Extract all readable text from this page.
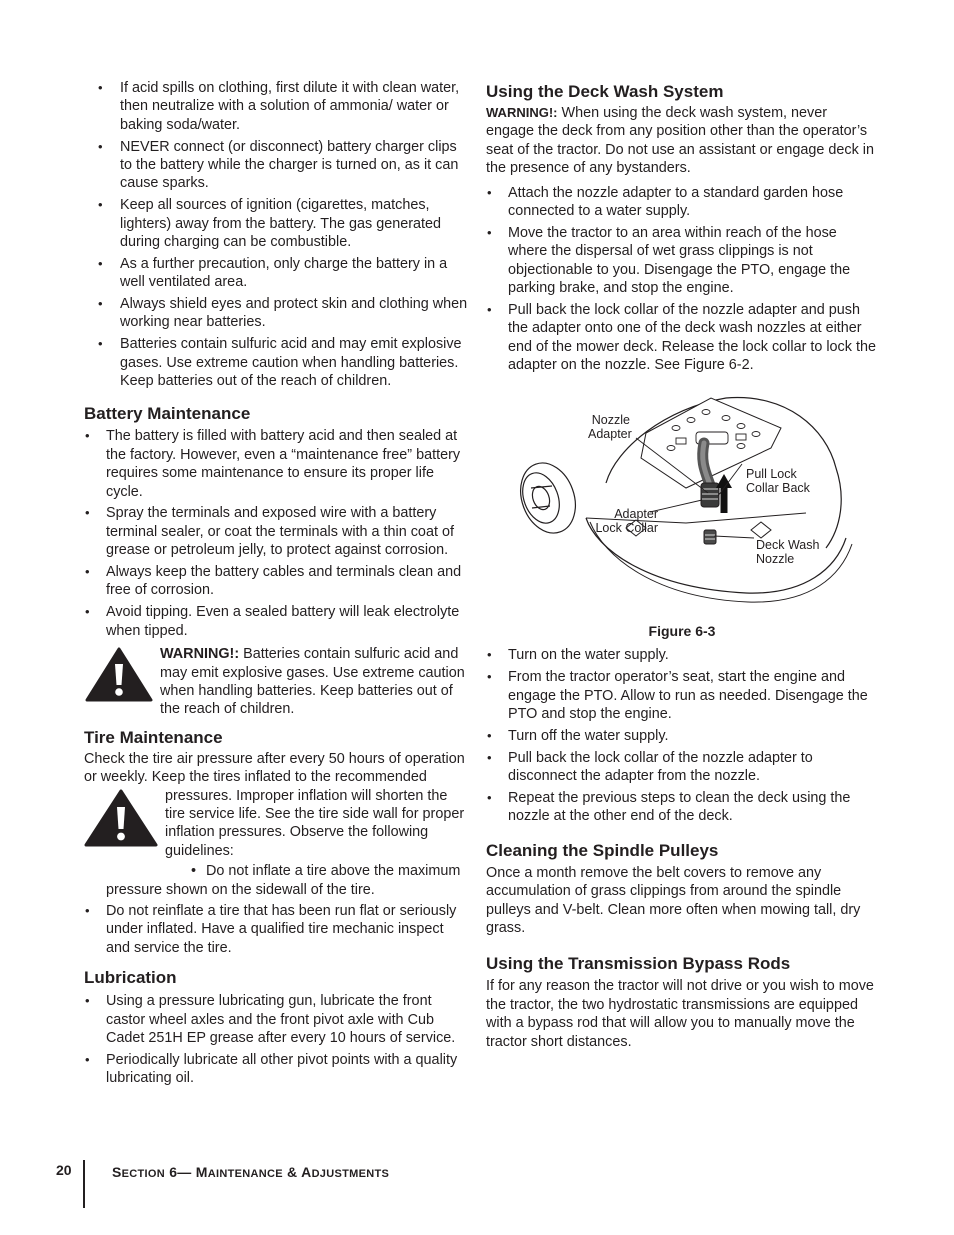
• If acid spills on clothing, first dilute it with clean water, then neutralize with a solution of ammonia/ water or baking soda/water.
• NEVER connect (or disconnect) battery charger clips to the battery while the charger is turned on, as it can cause sparks.
• Keep all sources of ignition (cigarettes, matches, lighters) away from the battery. The gas generated during charging can be combustible.
• As a further precaution, only charge the battery in a well ventilated area.
• Always shield eyes and protect skin and clothing when working near batteries.
• Batteries contain sulfuric acid and may emit explosive gases. Use extreme caution when handling batteries. Keep batteries out of the reach of children.
Battery Maintenance
• The battery is filled with battery acid and then sealed at the factory. However, even a “maintenance free” battery requires some maintenance to ensure its proper life cycle.
• Spray the terminals and exposed wire with a battery terminal sealer, or coat the terminals with a thin coat of grease or petroleum jelly, to protect against corrosion.
• Always keep the battery cables and terminals clean and free of corrosion.
• Avoid tipping. Even a sealed battery will leak electrolyte when tipped.

WARNING!: Batteries contain sulfuric acid and may emit explosive gases. Use extreme caution when handling batteries. Keep batteries out of the reach of children.

Tire Maintenance

Check the tire air pressure after every 50 hours of operation or weekly. Keep the tires inflated to the recommended

pressures. Improper inflation will shorten the tire service life. See the tire side wall for proper inflation pressures. Observe the following guidelines:

• Do not inflate a tire above the maximum

pressure shown on the sidewall of the tire.

• Do not reinflate a tire that has been run flat or seriously under inflated. Have a qualified tire mechanic inspect and service the tire.
Lubrication
• Using a pressure lubricating gun, lubricate the front castor wheel axles and the front pivot axle with Cub Cadet 251H EP grease after every 10 hours of service.
• Periodically lubricate all other pivot points with a quality lubricating oil.
Using the Deck Wash System

WARNING!: When using the deck wash system, never engage the deck from any position other than the operator’s seat of the tractor. Do not use an assistant or engage deck in the presence of any bystanders.

• Attach the nozzle adapter to a standard garden hose connected to a water supply.
• Move the tractor to an area within reach of the hose where the dispersal of wet grass clippings is not objectionable to you. Disengage the PTO, engage the parking brake, and stop the engine.
• Pull back the lock collar of the nozzle adapter and push the adapter onto one of the deck wash nozzles at either end of the mower deck. Release the lock collar to lock the adapter on the nozzle. See Figure 6-2.
Nozzle
Adapter
Pull Lock
Collar Back
Adapter
Lock Collar
Deck Wash
Nozzle
Figure 6-3
• Turn on the water supply.
• From the tractor operator’s seat, start the engine and engage the PTO. Allow to run as needed. Disengage the PTO and stop the engine.
• Turn off the water supply.
• Pull back the lock collar of the nozzle adapter to disconnect the adapter from the nozzle.
• Repeat the previous steps to clean the deck using the nozzle at the other end of the deck.
Cleaning the Spindle Pulleys

Once a month remove the belt covers to remove any accumulation of grass clippings from around the spindle pulleys and V-belt. Clean more often when mowing tall, dry grass.

Using the Transmission Bypass Rods

If for any reason the tractor will not drive or you wish to move the tractor, the two hydrostatic transmissions are equipped with a bypass rod that will allow you to manually move the tractor short distances.

20	SECTION 6— MAINTENANCE & ADJUSTMENTS
